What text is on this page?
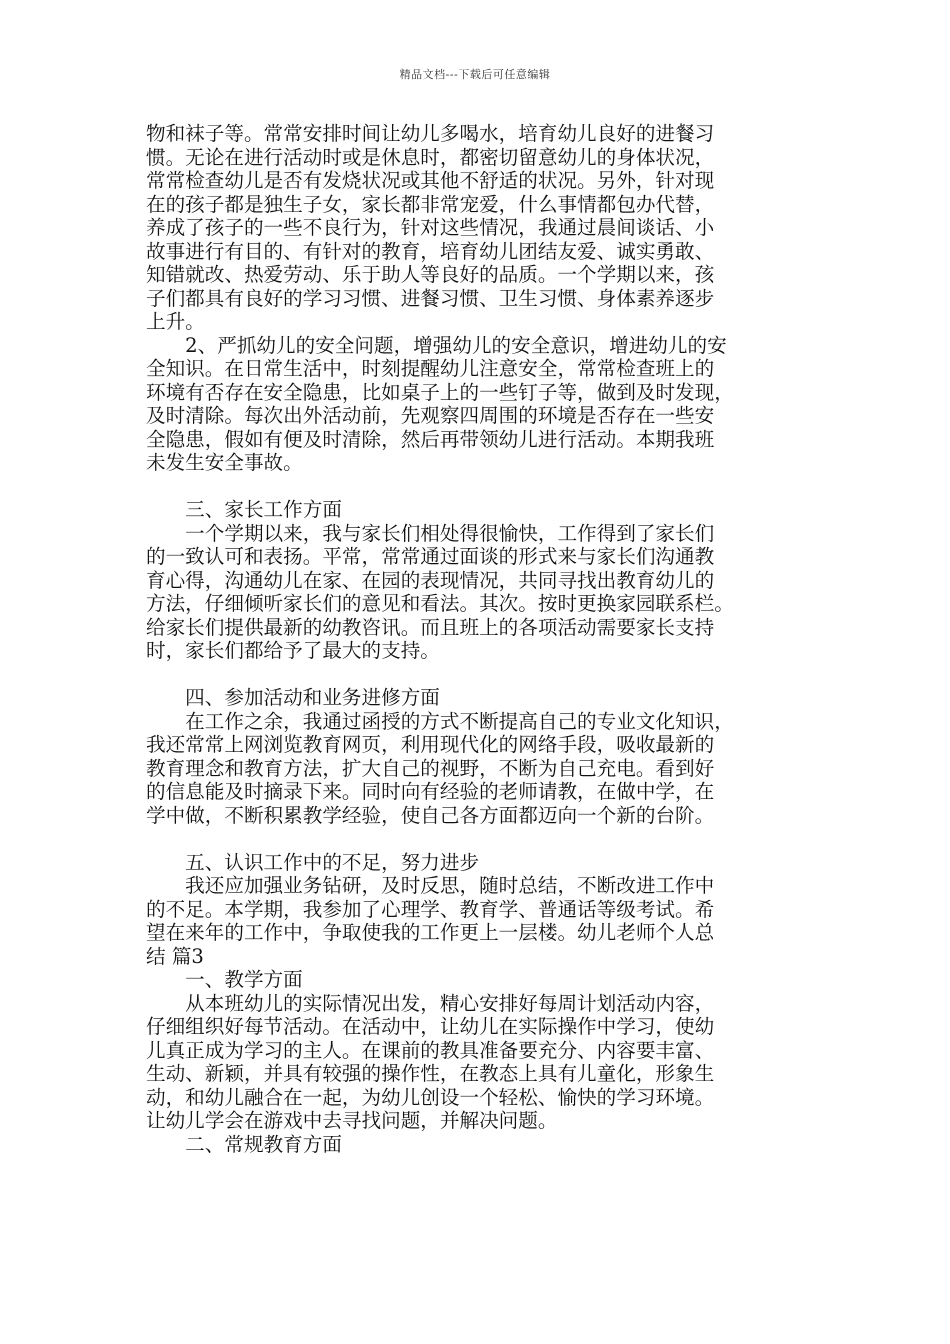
精品文档---下载后可任意编辑
物和袜子等。常常安排时间让幼儿多喝水，培育幼儿良好的进餐习
惯。无论在进行活动时或是休息时，都密切留意幼儿的身体状况，
常常检查幼儿是否有发烧状况或其他不舒适的状况。另外，针对现
在的孩子都是独生子女，家长都非常宠爱，什么事情都包办代替，
养成了孩子的一些不良行为，针对这些情况，我通过晨间谈话、小
故事进行有目的、有针对的教育，培育幼儿团结友爱、诚实勇敢、
知错就改、热爱劳动、乐于助人等良好的品质。一个学期以来，孩
子们都具有良好的学习习惯、进餐习惯、卫生习惯、身体素养逐步
上升。
　　2、严抓幼儿的安全问题，增强幼儿的安全意识，增进幼儿的安
全知识。在日常生活中，时刻提醒幼儿注意安全，常常检查班上的
环境有否存在安全隐患，比如桌子上的一些钉子等，做到及时发现，
及时清除。每次出外活动前，先观察四周围的环境是否存在一些安
全隐患，假如有便及时清除，然后再带领幼儿进行活动。本期我班
未发生安全事故。
　　三、家长工作方面
　　一个学期以来，我与家长们相处得很愉快，工作得到了家长们
的一致认可和表扬。平常，常常通过面谈的形式来与家长们沟通教
育心得，沟通幼儿在家、在园的表现情况，共同寻找出教育幼儿的
方法，仔细倾听家长们的意见和看法。其次。按时更换家园联系栏。
给家长们提供最新的幼教咨讯。而且班上的各项活动需要家长支持
时，家长们都给予了最大的支持。
　　四、参加活动和业务进修方面
　　在工作之余，我通过函授的方式不断提高自己的专业文化知识，
我还常常上网浏览教育网页，利用现代化的网络手段，吸收最新的
教育理念和教育方法，扩大自己的视野，不断为自己充电。看到好
的信息能及时摘录下来。同时向有经验的老师请教，在做中学，在
学中做，不断积累教学经验，使自己各方面都迈向一个新的台阶。
　　五、认识工作中的不足，努力进步
　　我还应加强业务钻研，及时反思，随时总结，不断改进工作中
的不足。本学期，我参加了心理学、教育学、普通话等级考试。希
望在来年的工作中，争取使我的工作更上一层楼。幼儿老师个人总
结 篇3
　　一、教学方面
　　从本班幼儿的实际情况出发，精心安排好每周计划活动内容，
仔细组织好每节活动。在活动中，让幼儿在实际操作中学习，使幼
儿真正成为学习的主人。在课前的教具准备要充分、内容要丰富、
生动、新颖，并具有较强的操作性，在教态上具有儿童化，形象生
动，和幼儿融合在一起，为幼儿创设一个轻松、愉快的学习环境。
让幼儿学会在游戏中去寻找问题，并解决问题。
　　二、常规教育方面
